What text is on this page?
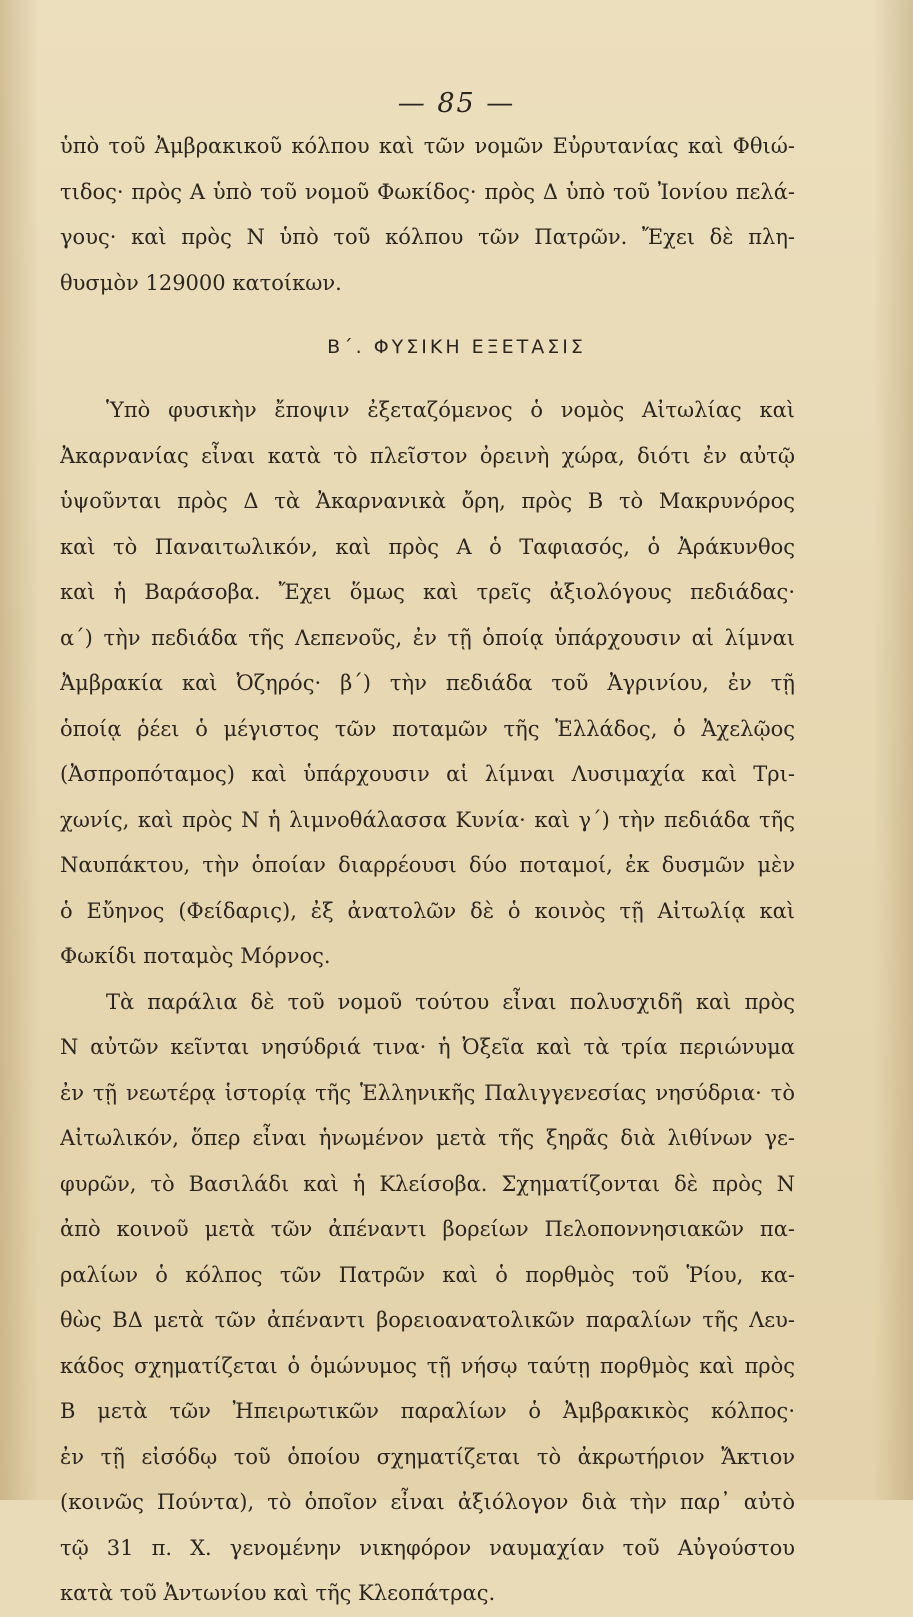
— 85 —
ὑπὸ τοῦ Ἀμβρακικοῦ κόλπου καὶ τῶν νομῶν Εὐρυτανίας καὶ Φθιώ-
τιδος· πρὸς Α ὑπὸ τοῦ νομοῦ Φωκίδος· πρὸς Δ ὑπὸ τοῦ Ἰονίου πελά-
γους· καὶ πρὸς Ν ὑπὸ τοῦ κόλπου τῶν Πατρῶν. Ἔχει δὲ πλη-
θυσμὸν 129000 κατοίκων.
Β΄. ΦΥΣΙΚΗ ΕΞΕΤΑΣΙΣ
Ὑπὸ φυσικὴν ἔποψιν ἐξεταζόμενος ὁ νομὸς Αἰτωλίας καὶ
Ἀκαρνανίας εἶναι κατὰ τὸ πλεῖστον ὀρεινὴ χώρα, διότι ἐν αὐτῷ
ὑψοῦνται πρὸς Δ τὰ Ἀκαρνανικὰ ὄρη, πρὸς Β τὸ Μακρυνόρος
καὶ τὸ Παναιτωλικόν, καὶ πρὸς Α ὁ Ταφιασός, ὁ Ἀράκυνθος
καὶ ἡ Βαράσοβα. Ἔχει ὅμως καὶ τρεῖς ἀξιολόγους πεδιάδας·
α΄) τὴν πεδιάδα τῆς Λεπενοῦς, ἐν τῇ ὁποίᾳ ὑπάρχουσιν αἱ λίμναι
Ἀμβρακία καὶ Ὀζηρός· β΄) τὴν πεδιάδα τοῦ Ἀγρινίου, ἐν τῇ
ὁποίᾳ ῥέει ὁ μέγιστος τῶν ποταμῶν τῆς Ἑλλάδος, ὁ Ἀχελῷος
(Ἀσπροπόταμος) καὶ ὑπάρχουσιν αἱ λίμναι Λυσιμαχία καὶ Τρι-
χωνίς, καὶ πρὸς Ν ἡ λιμνοθάλασσα Κυνία· καὶ γ΄) τὴν πεδιάδα τῆς
Ναυπάκτου, τὴν ὁποίαν διαρρέουσι δύο ποταμοί, ἐκ δυσμῶν μὲν
ὁ Εὔηνος (Φείδαρις), ἐξ ἀνατολῶν δὲ ὁ κοινὸς τῇ Αἰτωλίᾳ καὶ
Φωκίδι ποταμὸς Μόρνος.
Τὰ παράλια δὲ τοῦ νομοῦ τούτου εἶναι πολυσχιδῆ καὶ πρὸς
Ν αὐτῶν κεῖνται νησύδριά τινα· ἡ Ὀξεῖα καὶ τὰ τρία περιώνυμα
ἐν τῇ νεωτέρᾳ ἱστορίᾳ τῆς Ἑλληνικῆς Παλιγγενεσίας νησύδρια· τὸ
Αἰτωλικόν, ὅπερ εἶναι ἡνωμένον μετὰ τῆς ξηρᾶς διὰ λιθίνων γε-
φυρῶν, τὸ Βασιλάδι καὶ ἡ Κλείσοβα. Σχηματίζονται δὲ πρὸς Ν
ἀπὸ κοινοῦ μετὰ τῶν ἀπέναντι βορείων Πελοποννησιακῶν πα-
ραλίων ὁ κόλπος τῶν Πατρῶν καὶ ὁ πορθμὸς τοῦ Ῥίου, κα-
θὼς ΒΔ μετὰ τῶν ἀπέναντι βορειοανατολικῶν παραλίων τῆς Λευ-
κάδος σχηματίζεται ὁ ὁμώνυμος τῇ νήσῳ ταύτῃ πορθμὸς καὶ πρὸς
Β μετὰ τῶν Ἠπειρωτικῶν παραλίων ὁ Ἀμβρακικὸς κόλπος·
ἐν τῇ εἰσόδῳ τοῦ ὁποίου σχηματίζεται τὸ ἀκρωτήριον Ἄκτιον
(κοινῶς Πούντα), τὸ ὁποῖον εἶναι ἀξιόλογον διὰ τὴν παρ᾽ αὐτὸ
τῷ 31 π. Χ. γενομένην νικηφόρον ναυμαχίαν τοῦ Αὐγούστου
κατὰ τοῦ Ἀντωνίου καὶ τῆς Κλεοπάτρας.
